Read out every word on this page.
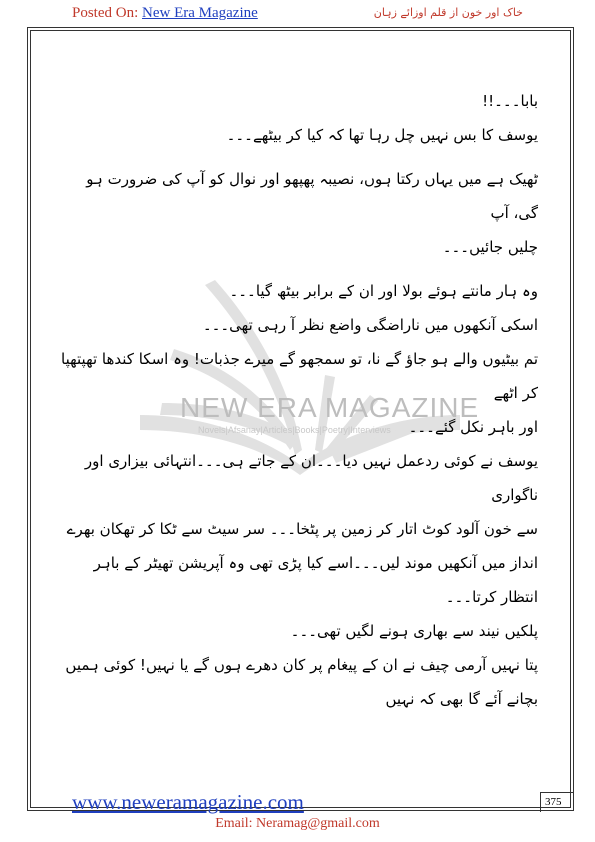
Posted On: New Era Magazine	خاک اور خون از قلم اوزائے زہان
NEW ERA MAGAZINE
Novels|Afsanay|Articles|Books|Poetry|Interviews

بابا۔۔۔!!

یوسف کا بس نہیں چل رہا تھا کہ کیا کر بیٹھے۔۔۔

ٹھیک ہے میں یہاں رکتا ہوں، نصیبہ پھپھو اور نوال کو آپ کی ضرورت ہو گی، آپ

چلیں جائیں۔۔۔

وہ ہار مانتے ہوئے بولا اور ان کے برابر بیٹھ گیا۔۔۔

اسکی آنکھوں میں ناراضگی واضع نظر آ رہی تھی۔۔۔

تم بیٹیوں والے ہو جاؤ گے نا، تو سمجھو گے میرے جذبات! وہ اسکا کندھا تھپتھپا کر اٹھے

اور باہر نکل گئے۔۔۔

یوسف نے کوئی ردعمل نہیں دیا۔۔۔ان کے جاتے ہی۔۔۔انتہائی بیزاری اور ناگواری

سے خون آلود کوٹ اتار کر زمین پر پٹخا۔۔۔ سر سیٹ سے ٹکا کر تھکان بھرے

انداز میں آنکھیں موند لیں۔۔۔اسے کیا پڑی تھی وہ آپریشن تھیٹر کے باہر انتظار کرتا۔۔۔

پلکیں نیند سے بھاری ہونے لگیں تھی۔۔۔

پتا نہیں آرمی چیف نے ان کے پیغام پر کان دھرے ہوں گے یا نہیں! کوئی ہمیں

بچانے آئے گا بھی کہ نہیں

www.neweramagazine.com	375
Email: Neramag@gmail.com
